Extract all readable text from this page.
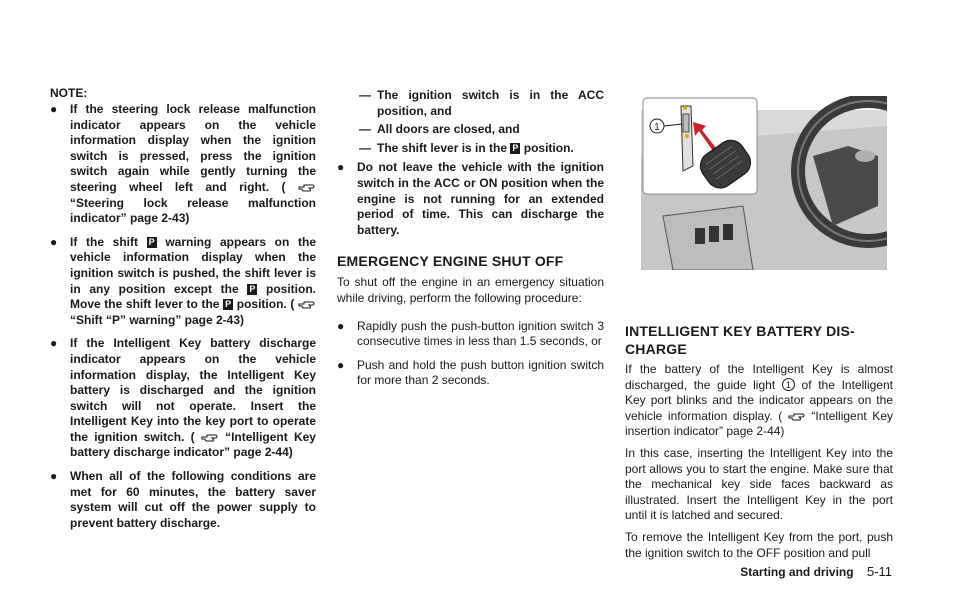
NOTE:
● If the steering lock release malfunction indicator appears on the vehicle information display when the ignition switch is pressed, press the ignition switch again while gently turning the steering wheel left and right. (  “Steering lock release malfunction indicator” page 2-43)
● If the shift P warning appears on the vehicle information display when the ignition switch is pushed, the shift lever is in any position except the P position. Move the shift lever to the P position. (  “Shift “P” warning” page 2-43)
● If the Intelligent Key battery discharge indicator appears on the vehicle information display, the Intelligent Key battery is discharged and the ignition switch will not operate. Insert the Intelligent Key into the key port to operate the ignition switch. (	“Intelligent Key battery discharge indicator” page 2-44)
● When all of the following conditions are met for 60 minutes, the battery saver system will cut off the power supply to prevent battery discharge.
— The ignition switch is in the ACC position, and
— All doors are closed, and
— The shift lever is in the P position.
● Do not leave the vehicle with the ignition switch in the ACC or ON position when the engine is not running for an extended period of time. This can discharge the battery.
EMERGENCY ENGINE SHUT OFF

To shut off the engine in an emergency situation while driving, perform the following procedure:

● Rapidly push the push-button ignition switch 3 consecutive times in less than 1.5 seconds, or
● Push and hold the push button ignition switch for more than 2 seconds.
1
INTELLIGENT KEY BATTERY DIS-
CHARGE

If the battery of the Intelligent Key is almost discharged, the guide light 1 of the Intelligent Key port blinks and the indicator appears on the vehicle information display. ( “Intelligent Key insertion indicator” page 2-44)

In this case, inserting the Intelligent Key into the port allows you to start the engine. Make sure that the mechanical key side faces backward as illustrated. Insert the Intelligent Key in the port until it is latched and secured.

To remove the Intelligent Key from the port, push the ignition switch to the OFF position and pull

Starting and driving 5-11
